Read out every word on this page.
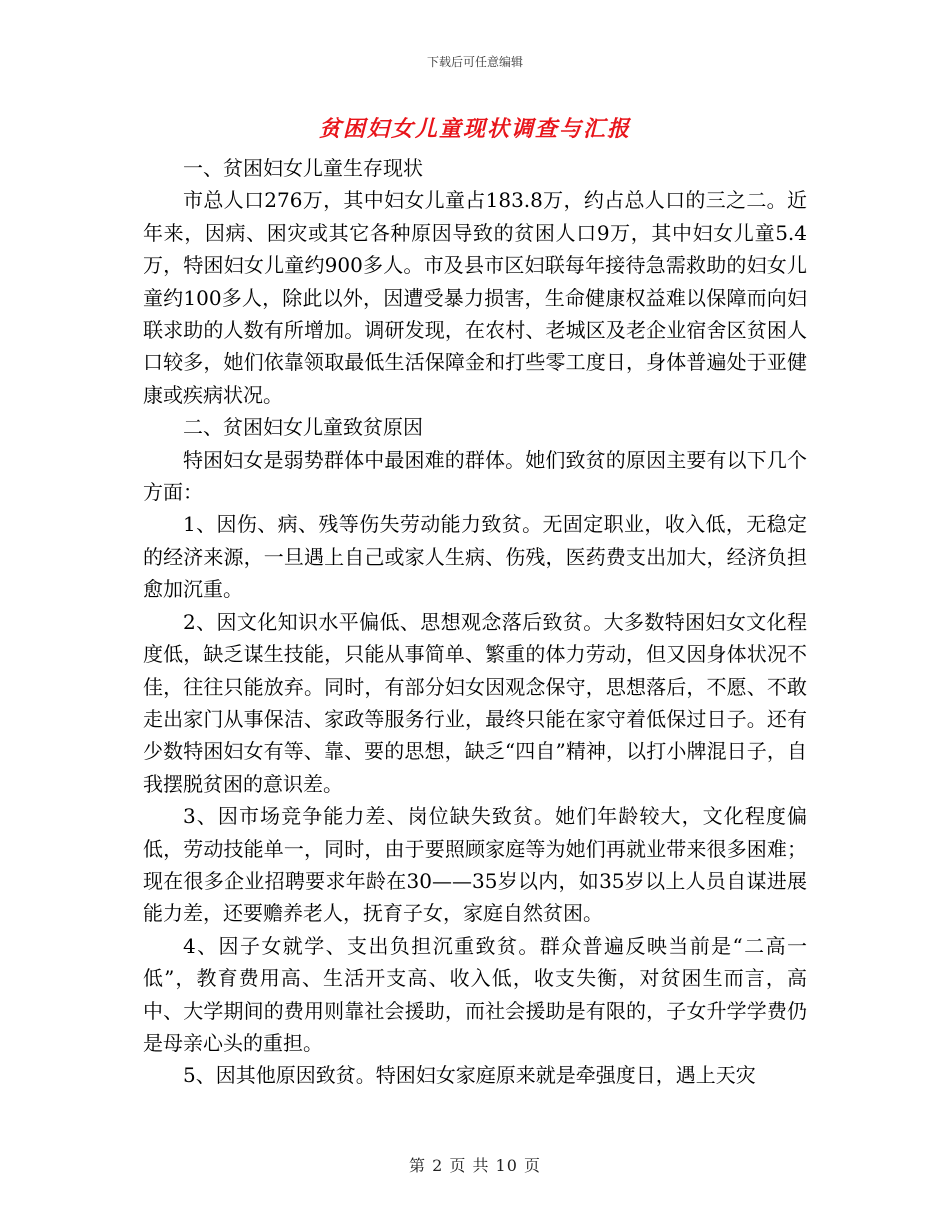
下载后可任意编辑
贫困妇女儿童现状调查与汇报

一、贫困妇女儿童生存现状

市总人口276万，其中妇女儿童占183.8万，约占总人口的三之二。近年来，因病、困灾或其它各种原因导致的贫困人口9万，其中妇女儿童5.4万，特困妇女儿童约900多人。市及县市区妇联每年接待急需救助的妇女儿童约100多人，除此以外，因遭受暴力损害，生命健康权益难以保障而向妇联求助的人数有所增加。调研发现，在农村、老城区及老企业宿舍区贫困人口较多，她们依靠领取最低生活保障金和打些零工度日，身体普遍处于亚健康或疾病状况。

二、贫困妇女儿童致贫原因

特困妇女是弱势群体中最困难的群体。她们致贫的原因主要有以下几个方面：

1、因伤、病、残等伤失劳动能力致贫。无固定职业，收入低，无稳定的经济来源，一旦遇上自己或家人生病、伤残，医药费支出加大，经济负担愈加沉重。

2、因文化知识水平偏低、思想观念落后致贫。大多数特困妇女文化程度低，缺乏谋生技能，只能从事简单、繁重的体力劳动，但又因身体状况不佳，往往只能放弃。同时，有部分妇女因观念保守，思想落后，不愿、不敢走出家门从事保洁、家政等服务行业，最终只能在家守着低保过日子。还有少数特困妇女有等、靠、要的思想，缺乏“四自”精神，以打小牌混日子，自我摆脱贫困的意识差。

3、因市场竞争能力差、岗位缺失致贫。她们年龄较大，文化程度偏低，劳动技能单一，同时，由于要照顾家庭等为她们再就业带来很多困难；现在很多企业招聘要求年龄在30——35岁以内，如35岁以上人员自谋进展能力差，还要赡养老人，抚育子女，家庭自然贫困。

4、因子女就学、支出负担沉重致贫。群众普遍反映当前是“二高一低”，教育费用高、生活开支高、收入低，收支失衡，对贫困生而言，高中、大学期间的费用则靠社会援助，而社会援助是有限的，子女升学学费仍是母亲心头的重担。

5、因其他原因致贫。特困妇女家庭原来就是牵强度日，遇上天灾

第 2 页 共 10 页
